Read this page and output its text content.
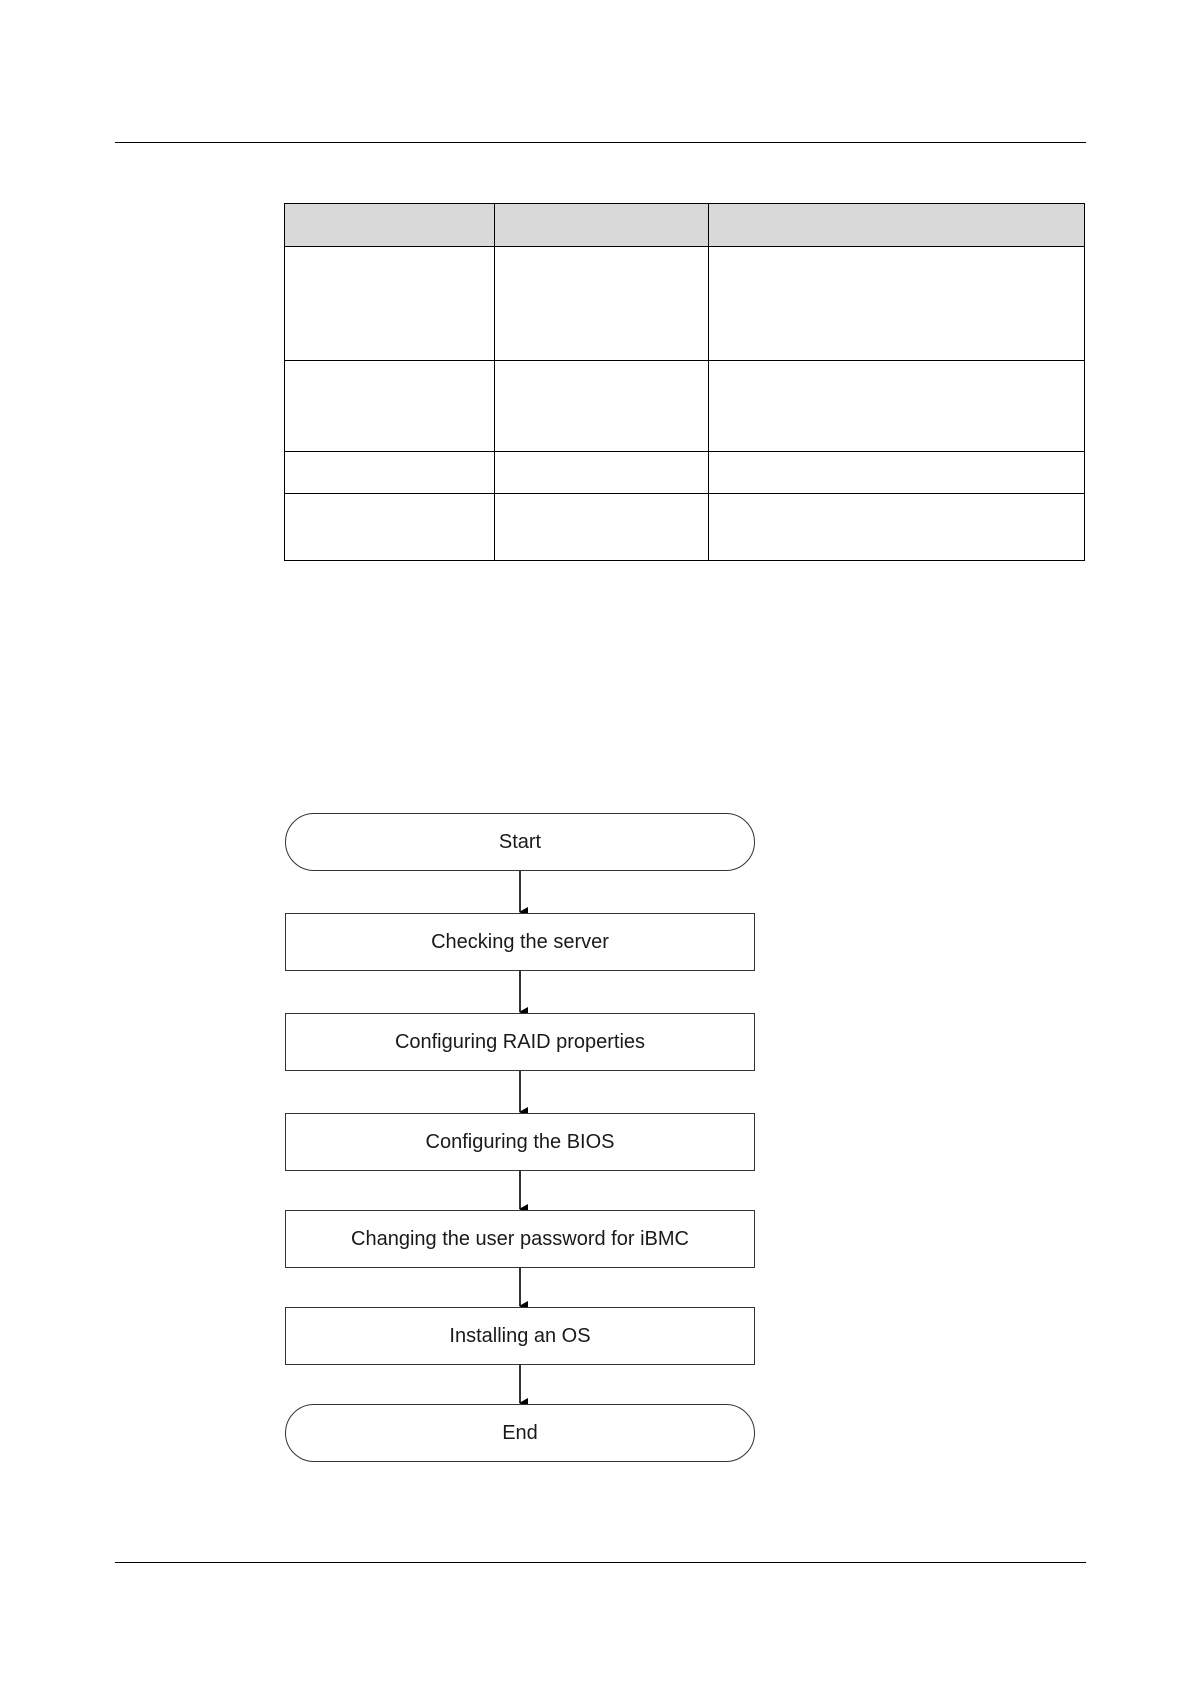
Start
Checking the server
Configuring RAID properties
Configuring the BIOS
Changing the user password for iBMC
Installing an OS
End
